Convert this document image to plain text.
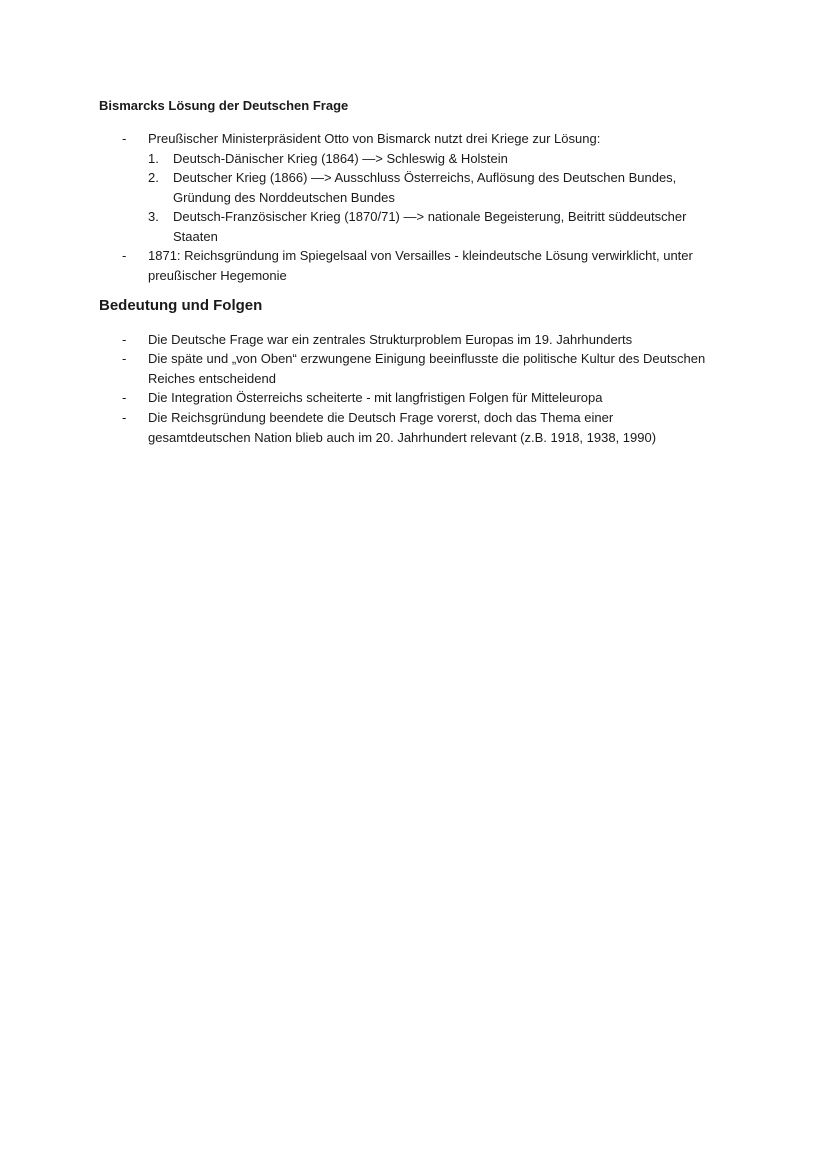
Bismarcks Lösung der Deutschen Frage
- Preußischer Ministerpräsident Otto von Bismarck nutzt drei Kriege zur Lösung:
1. Deutsch-Dänischer Krieg (1864) —> Schleswig & Holstein
2. Deutscher Krieg (1866) —> Ausschluss Österreichs, Auflösung des Deutschen Bundes,
Gründung des Norddeutschen Bundes
3. Deutsch-Französischer Krieg (1870/71) —> nationale Begeisterung, Beitritt süddeutscher
Staaten
- 1871: Reichsgründung im Spiegelsaal von Versailles - kleindeutsche Lösung verwirklicht, unter
preußischer Hegemonie
Bedeutung und Folgen
- Die Deutsche Frage war ein zentrales Strukturproblem Europas im 19. Jahrhunderts
- Die späte und „von Oben“ erzwungene Einigung beeinflusste die politische Kultur des Deutschen
Reiches entscheidend
- Die Integration Österreichs scheiterte - mit langfristigen Folgen für Mitteleuropa
- Die Reichsgründung beendete die Deutsch Frage vorerst, doch das Thema einer
gesamtdeutschen Nation blieb auch im 20. Jahrhundert relevant (z.B. 1918, 1938, 1990)
